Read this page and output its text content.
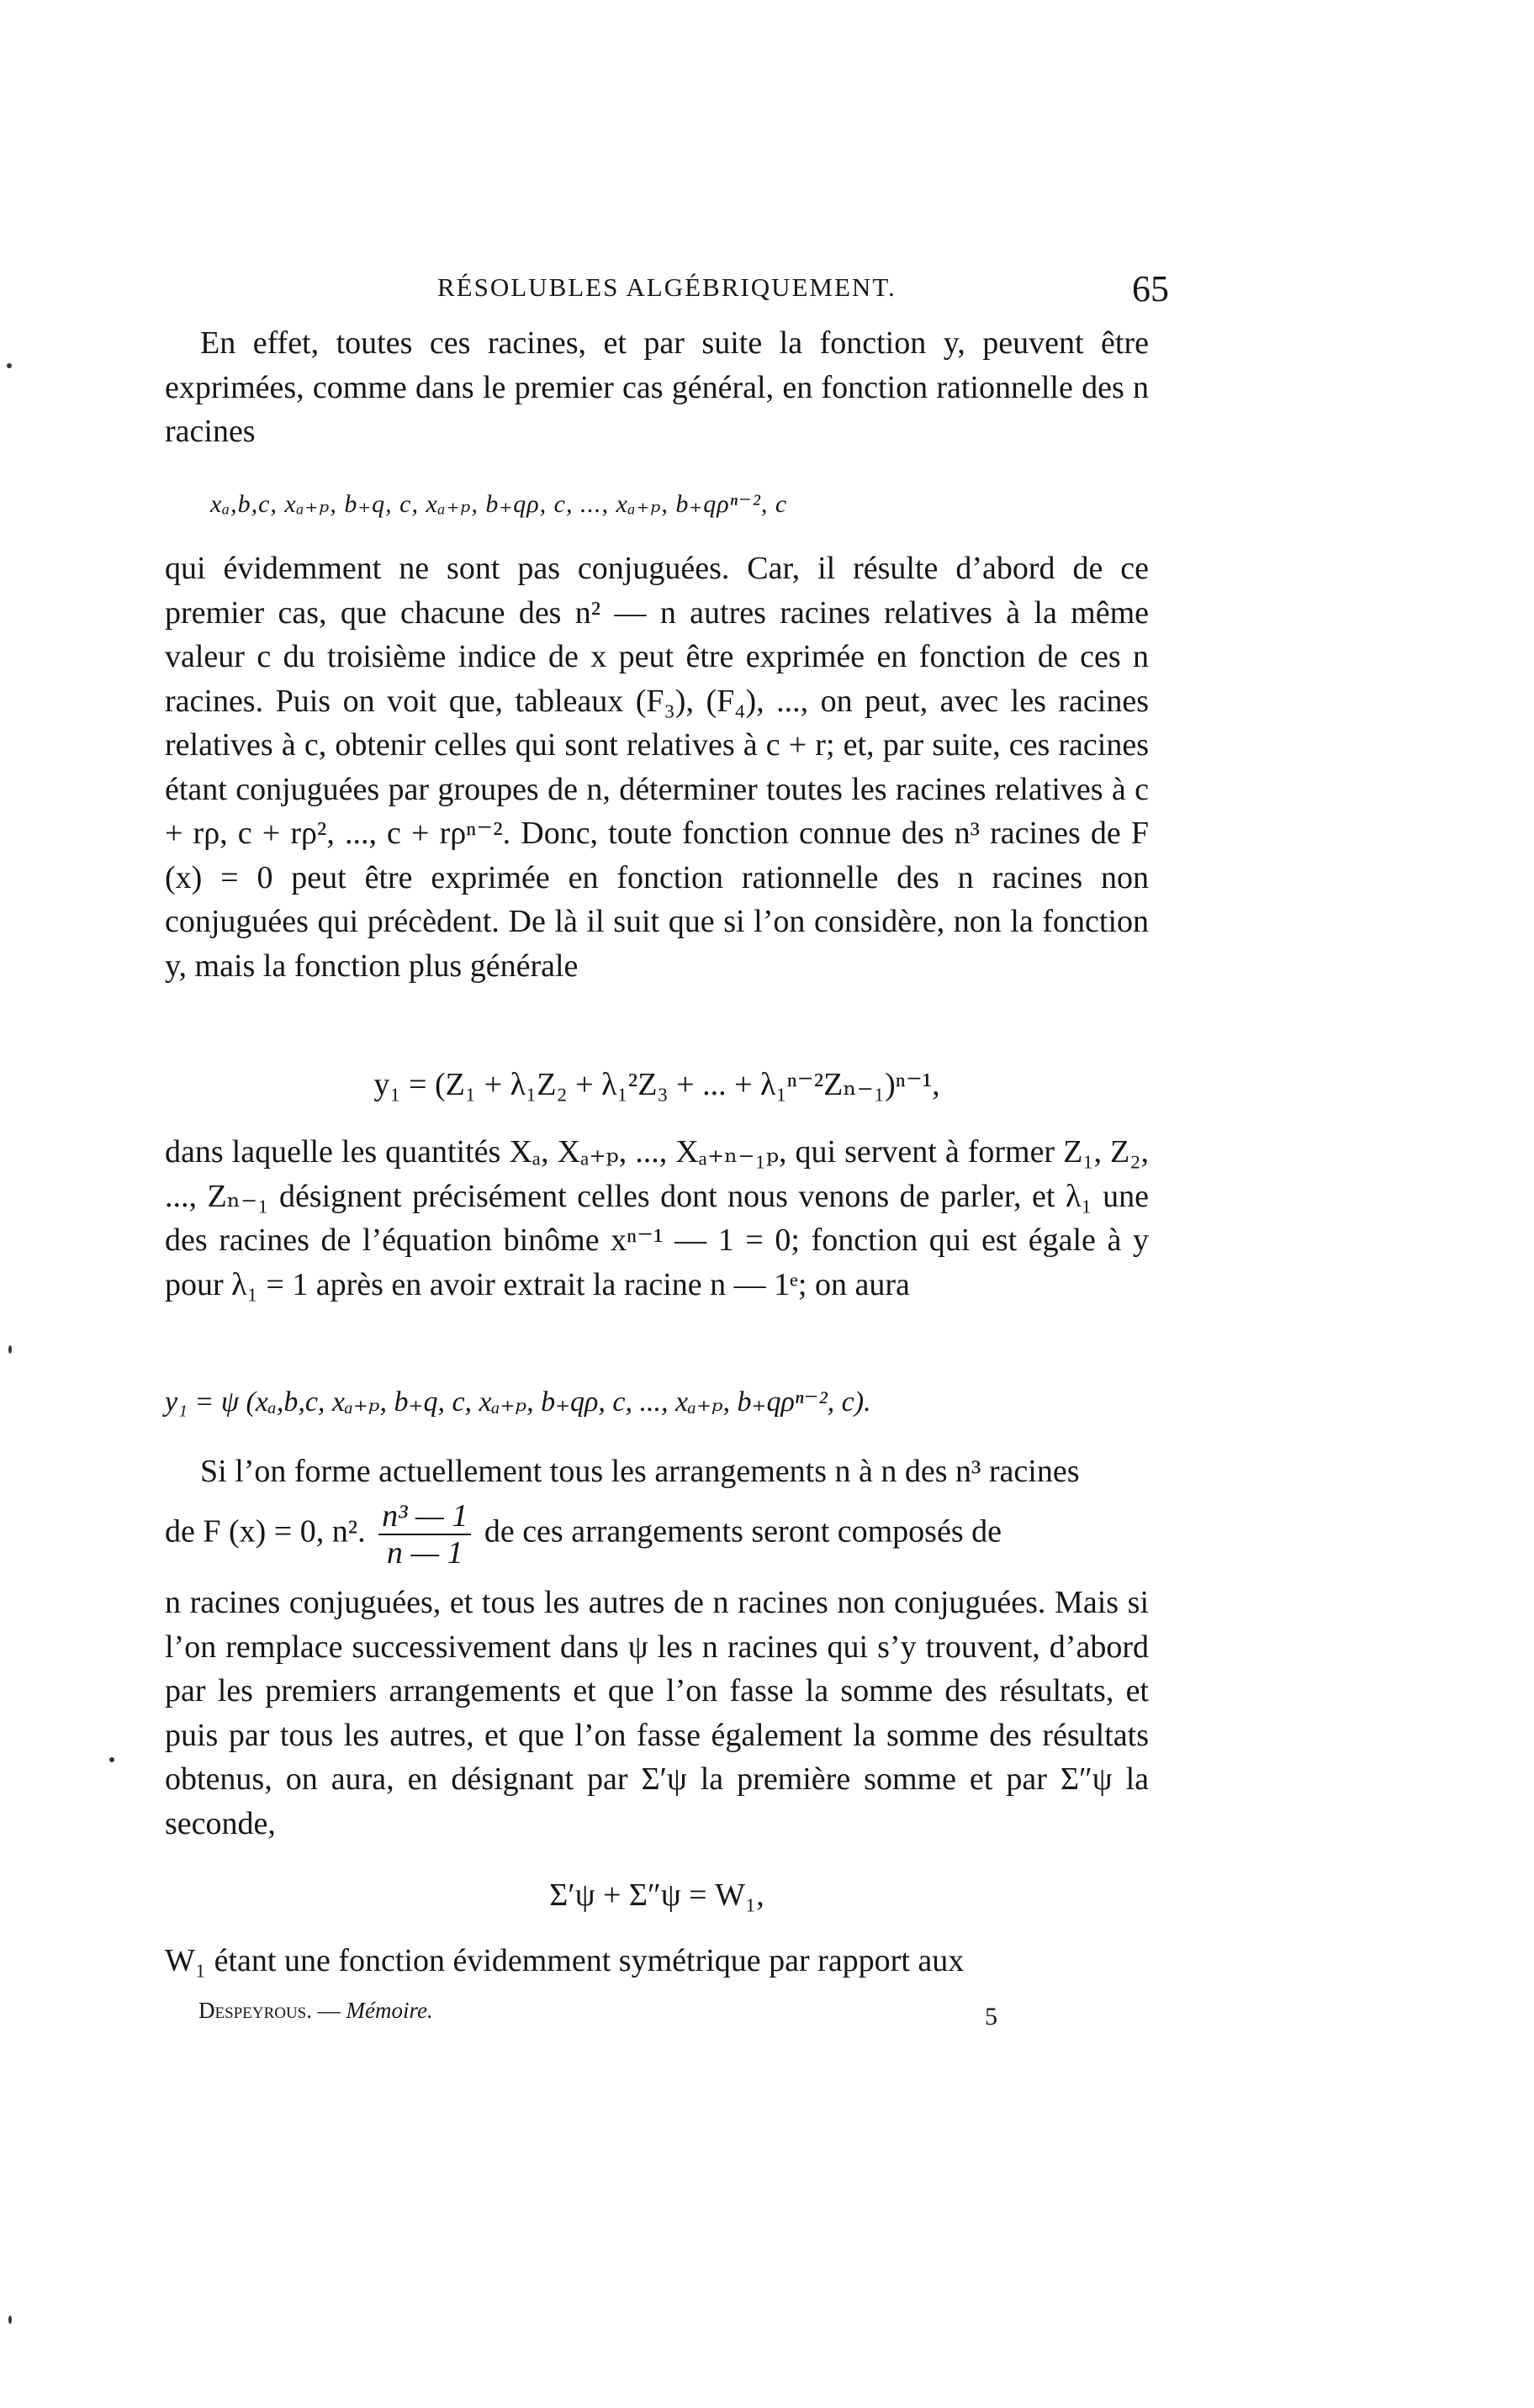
RÉSOLUBLES ALGÉBRIQUEMENT.	65

En effet, toutes ces racines, et par suite la fonction y, peuvent être exprimées, comme dans le premier cas général, en fonction rationnelle des n racines

xₐ,b,c, xₐ₊ₚ, b₊q, c, xₐ₊ₚ, b₊qρ, c, ..., xₐ₊ₚ, b₊qρⁿ⁻², c

qui évidemment ne sont pas conjuguées. Car, il résulte d’abord de ce premier cas, que chacune des n² — n autres racines relatives à la même valeur c du troisième indice de x peut être exprimée en fonction de ces n racines. Puis on voit que, tableaux (F₃), (F₄), ..., on peut, avec les racines relatives à c, obtenir celles qui sont relatives à c + r; et, par suite, ces racines étant conjuguées par groupes de n, déterminer toutes les racines relatives à c + rρ, c + rρ², ..., c + rρⁿ⁻². Donc, toute fonction connue des n³ racines de F (x) = 0 peut être exprimée en fonction rationnelle des n racines non conjuguées qui précèdent. De là il suit que si l’on considère, non la fonction y, mais la fonction plus générale

y₁ = (Z₁ + λ₁Z₂ + λ₁²Z₃ + ... + λ₁ⁿ⁻²Zₙ₋₁)ⁿ⁻¹,

dans laquelle les quantités Xₐ, Xₐ₊ₚ, ..., Xₐ₊ₙ₋₁ₚ, qui servent à former Z₁, Z₂, ..., Zₙ₋₁ désignent précisément celles dont nous venons de parler, et λ₁ une des racines de l’équation binôme xⁿ⁻¹ — 1 = 0; fonction qui est égale à y pour λ₁ = 1 après en avoir extrait la racine n — 1ᵉ; on aura

y₁ = ψ (xₐ,b,c, xₐ₊ₚ, b₊q, c, xₐ₊ₚ, b₊qρ, c, ..., xₐ₊ₚ, b₊qρⁿ⁻², c).

Si l’on forme actuellement tous les arrangements n à n des n³ racines

de F (x) = 0, n². $\frac{\text{n³ — 1}}{n — 1}$ de ces arrangements seront composés de

n racines conjuguées, et tous les autres de n racines non conjuguées. Mais si l’on remplace successivement dans ψ les n racines qui s’y trouvent, d’abord par les premiers arrangements et que l’on fasse la somme des résultats, et puis par tous les autres, et que l’on fasse également la somme des résultats obtenus, on aura, en désignant par Σ′ψ la première somme et par Σ″ψ la seconde,

Σ′ψ + Σ″ψ = W₁,

W₁ étant une fonction évidemment symétrique par rapport aux

Despeyrous. — Mémoire.	5
